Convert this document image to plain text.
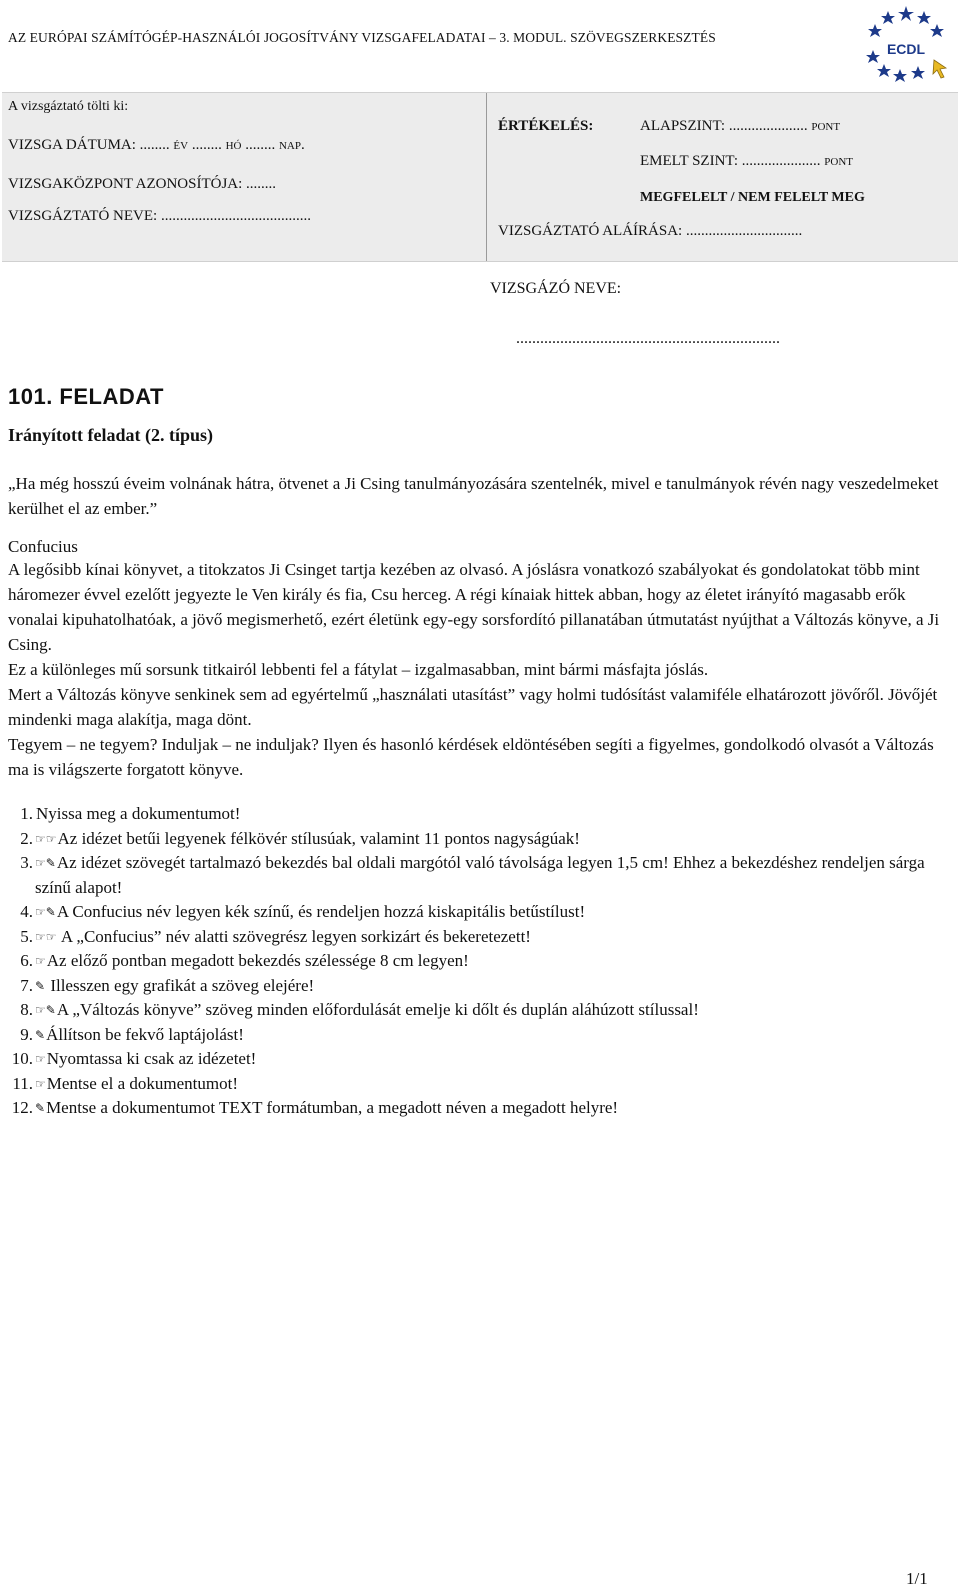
AZ EURÓPAI SZÁMÍTÓGÉP-HASZNÁLÓI JOGOSÍTVÁNY VIZSGAFELADATAI – 3. MODUL. SZÖVEGSZERKESZTÉS
ECDL
A vizsgáztató tölti ki:
VIZSGA DÁTUMA: ........ év ........ hó ........ nap.
VIZSGAKÖZPONT AZONOSÍTÓJA: ........
VIZSGÁZTATÓ NEVE: ........................................
ÉRTÉKELÉS:	ALAPSZINT: ..................... pont
EMELT SZINT: ..................... pont
MEGFELELT / NEM FELELT MEG
VIZSGÁZTATÓ ALÁÍRÁSA: ...............................
VIZSGÁZÓ NEVE:
..................................................................
101. FELADAT
Irányított feladat (2. típus)
„Ha még hosszú éveim volnának hátra, ötvenet a Ji Csing tanulmányozására szentelnék, mivel e tanulmányok révén nagy veszedelmeket kerülhet el az ember.”
Confucius
A legősibb kínai könyvet, a titokzatos Ji Csinget tartja kezében az olvasó. A jóslásra vonatkozó szabályokat és gondolatokat több mint háromezer évvel ezelőtt jegyezte le Ven király és fia, Csu herceg. A régi kínaiak hittek abban, hogy az életet irányító magasabb erők vonalai kipuhatolhatóak, a jövő megismerhető, ezért életünk egy-egy sorsfordító pillanatában útmutatást nyújthat a Változás könyve, a Ji Csing.
Ez a különleges mű sorsunk titkairól lebbenti fel a fátylat – izgalmasabban, mint bármi másfajta jóslás.
Mert a Változás könyve senkinek sem ad egyértelmű „használati utasítást” vagy holmi tudósítást valamiféle elhatározott jövőről. Jövőjét mindenki maga alakítja, maga dönt.
Tegyem – ne tegyem? Induljak – ne induljak? Ilyen és hasonló kérdések eldöntésében segíti a figyelmes, gondolkodó olvasót a Változás ma is világszerte forgatott könyve.
1. Nyissa meg a dokumentumot!
2. ☞☞Az idézet betűi legyenek félkövér stílusúak, valamint 11 pontos nagyságúak!
3. ☞✎Az idézet szövegét tartalmazó bekezdés bal oldali margótól való távolsága legyen 1,5 cm! Ehhez a bekezdéshez rendeljen sárga színű alapot!
4. ☞✎A Confucius név legyen kék színű, és rendeljen hozzá kiskapitális betűstílust!
5. ☞☞ A „Confucius” név alatti szövegrész legyen sorkizárt és bekeretezett!
6. ☞Az előző pontban megadott bekezdés szélessége 8 cm legyen!
7. ✎ Illesszen egy grafikát a szöveg elejére!
8. ☞✎A „Változás könyve” szöveg minden előfordulását emelje ki dőlt és duplán aláhúzott stílussal!
9. ✎Állítson be fekvő laptájolást!
10. ☞Nyomtassa ki csak az idézetet!
11. ☞Mentse el a dokumentumot!
12. ✎Mentse a dokumentumot TEXT formátumban, a megadott néven a megadott helyre!
1/1
